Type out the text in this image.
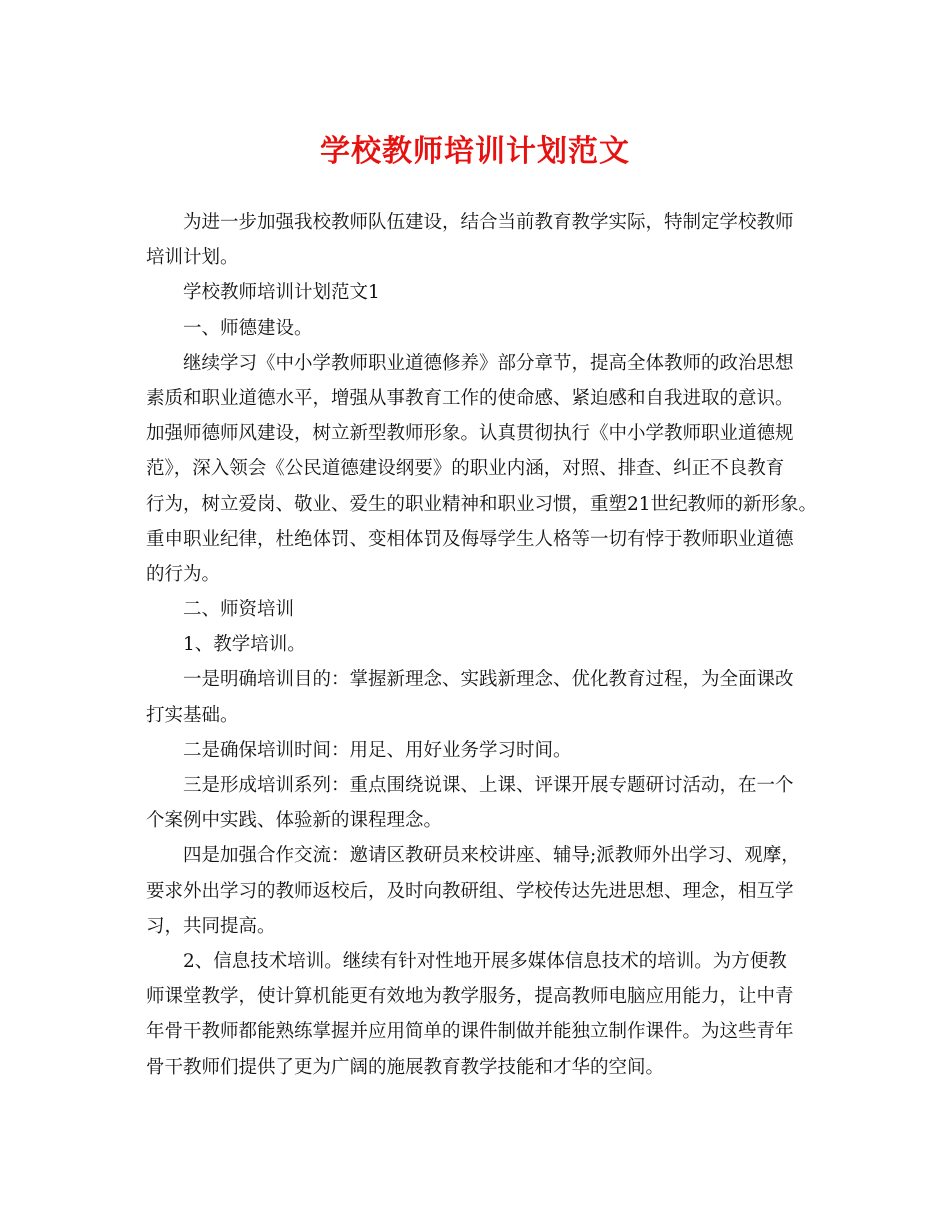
学校教师培训计划范文
为进一步加强我校教师队伍建设，结合当前教育教学实际，特制定学校教师
培训计划。
学校教师培训计划范文1
一、师德建设。
继续学习《中小学教师职业道德修养》部分章节，提高全体教师的政治思想
素质和职业道德水平，增强从事教育工作的使命感、紧迫感和自我进取的意识。
加强师德师风建设，树立新型教师形象。认真贯彻执行《中小学教师职业道德规
范》，深入领会《公民道德建设纲要》的职业内涵，对照、排查、纠正不良教育
行为，树立爱岗、敬业、爱生的职业精神和职业习惯，重塑21世纪教师的新形象。
重申职业纪律，杜绝体罚、变相体罚及侮辱学生人格等一切有悖于教师职业道德
的行为。
二、师资培训
1、教学培训。
一是明确培训目的：掌握新理念、实践新理念、优化教育过程，为全面课改
打实基础。
二是确保培训时间：用足、用好业务学习时间。
三是形成培训系列：重点围绕说课、上课、评课开展专题研讨活动，在一个
个案例中实践、体验新的课程理念。
四是加强合作交流：邀请区教研员来校讲座、辅导;派教师外出学习、观摩，
要求外出学习的教师返校后，及时向教研组、学校传达先进思想、理念，相互学
习，共同提高。
2、信息技术培训。继续有针对性地开展多媒体信息技术的培训。为方便教
师课堂教学，使计算机能更有效地为教学服务，提高教师电脑应用能力，让中青
年骨干教师都能熟练掌握并应用简单的课件制做并能独立制作课件。为这些青年
骨干教师们提供了更为广阔的施展教育教学技能和才华的空间。
